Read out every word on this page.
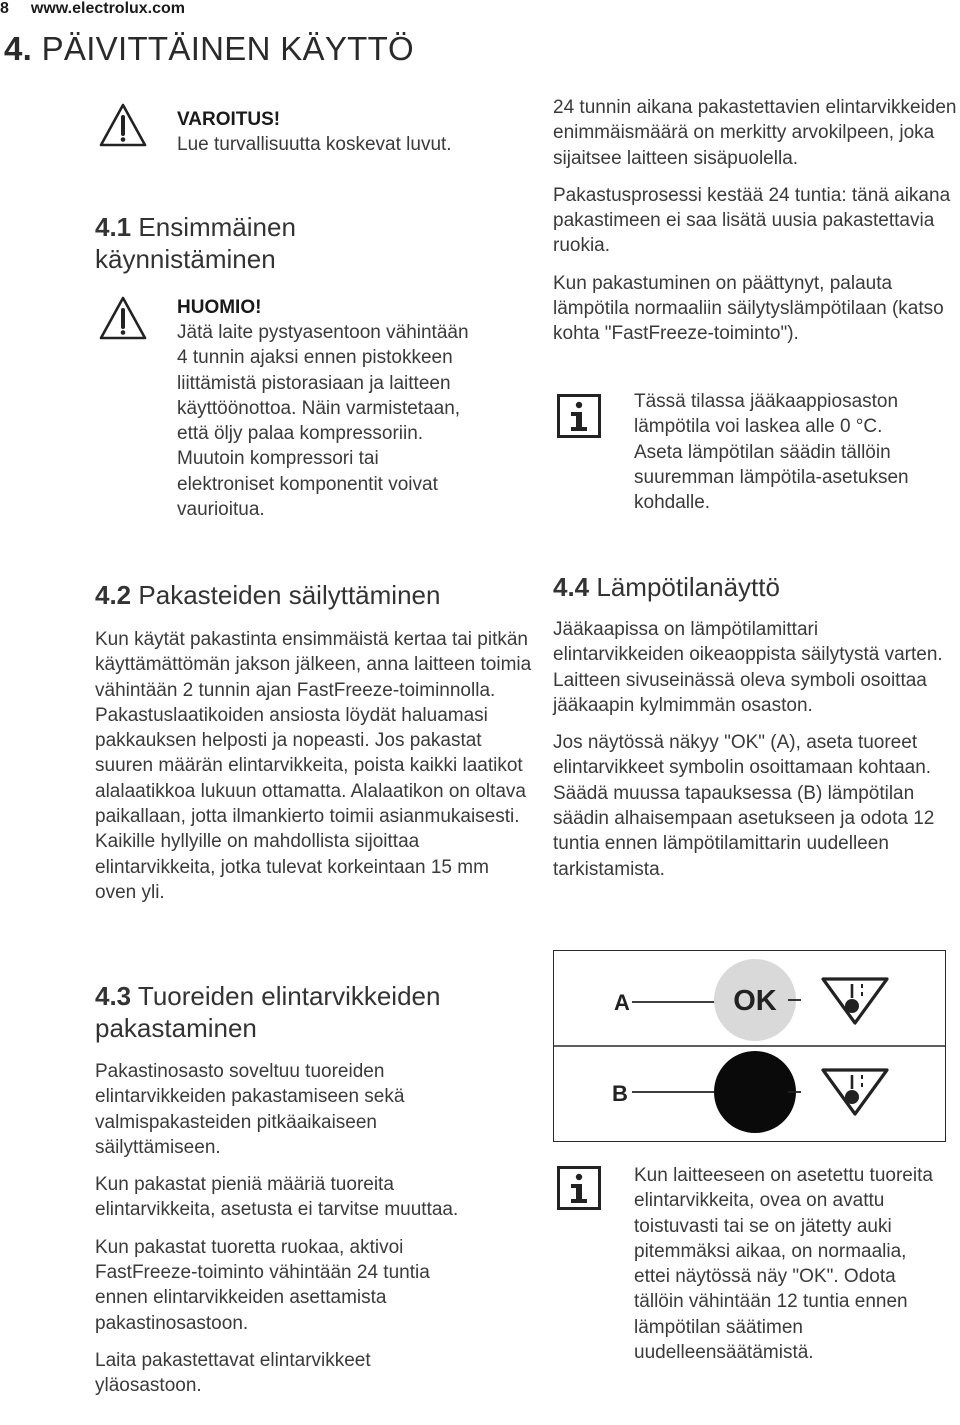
8 www.electrolux.com
4. PÄIVITTÄINEN KÄYTTÖ
VAROITUS!
Lue turvallisuutta koskevat luvut.
4.1 Ensimmäinen käynnistäminen
HUOMIO!
Jätä laite pystyasentoon vähintään 4 tunnin ajaksi ennen pistokkeen liittämistä pistorasiaan ja laitteen käyttöönottoa. Näin varmistetaan, että öljy palaa kompressoriin. Muutoin kompressori tai elektroniset komponentit voivat vaurioitua.
4.2 Pakasteiden säilyttäminen

Kun käytät pakastinta ensimmäistä kertaa tai pitkän käyttämättömän jakson jälkeen, anna laitteen toimia vähintään 2 tunnin ajan FastFreeze-toiminnolla. Pakastuslaatikoiden ansiosta löydät haluamasi pakkauksen helposti ja nopeasti. Jos pakastat suuren määrän elintarvikkeita, poista kaikki laatikot alalaatikkoa lukuun ottamatta. Alalaatikon on oltava paikallaan, jotta ilmankierto toimii asianmukaisesti. Kaikille hyllyille on mahdollista sijoittaa elintarvikkeita, jotka tulevat korkeintaan 15 mm oven yli.

4.3 Tuoreiden elintarvikkeiden pakastaminen

Pakastinosasto soveltuu tuoreiden elintarvikkeiden pakastamiseen sekä valmispakasteiden pitkäaikaiseen säilyttämiseen.

Kun pakastat pieniä määriä tuoreita elintarvikkeita, asetusta ei tarvitse muuttaa.

Kun pakastat tuoretta ruokaa, aktivoi FastFreeze-toiminto vähintään 24 tuntia ennen elintarvikkeiden asettamista pakastinosastoon.

Laita pakastettavat elintarvikkeet yläosastoon.

24 tunnin aikana pakastettavien elintarvikkeiden enimmäismäärä on merkitty arvokilpeen, joka sijaitsee laitteen sisäpuolella.

Pakastusprosessi kestää 24 tuntia: tänä aikana pakastimeen ei saa lisätä uusia pakastettavia ruokia.

Kun pakastuminen on päättynyt, palauta lämpötila normaaliin säilytyslämpötilaan (katso kohta "FastFreeze-toiminto").

Tässä tilassa jääkaappiosaston lämpötila voi laskea alle 0 °C. Aseta lämpötilan säädin tällöin suuremman lämpötila-asetuksen kohdalle.
4.4 Lämpötilanäyttö

Jääkaapissa on lämpötilamittari elintarvikkeiden oikeaoppista säilytystä varten. Laitteen sivuseinässä oleva symboli osoittaa jääkaapin kylmimmän osaston.

Jos näytössä näkyy "OK" (A), aseta tuoreet elintarvikkeet symbolin osoittamaan kohtaan. Säädä muussa tapauksessa (B) lämpötilan säädin alhaisempaan asetukseen ja odota 12 tuntia ennen lämpötilamittarin uudelleen tarkistamista.

A	OK
B
Kun laitteeseen on asetettu tuoreita elintarvikkeita, ovea on avattu toistuvasti tai se on jätetty auki pitemmäksi aikaa, on normaalia, ettei näytössä näy "OK". Odota tällöin vähintään 12 tuntia ennen lämpötilan säätimen uudelleensäätämistä.
